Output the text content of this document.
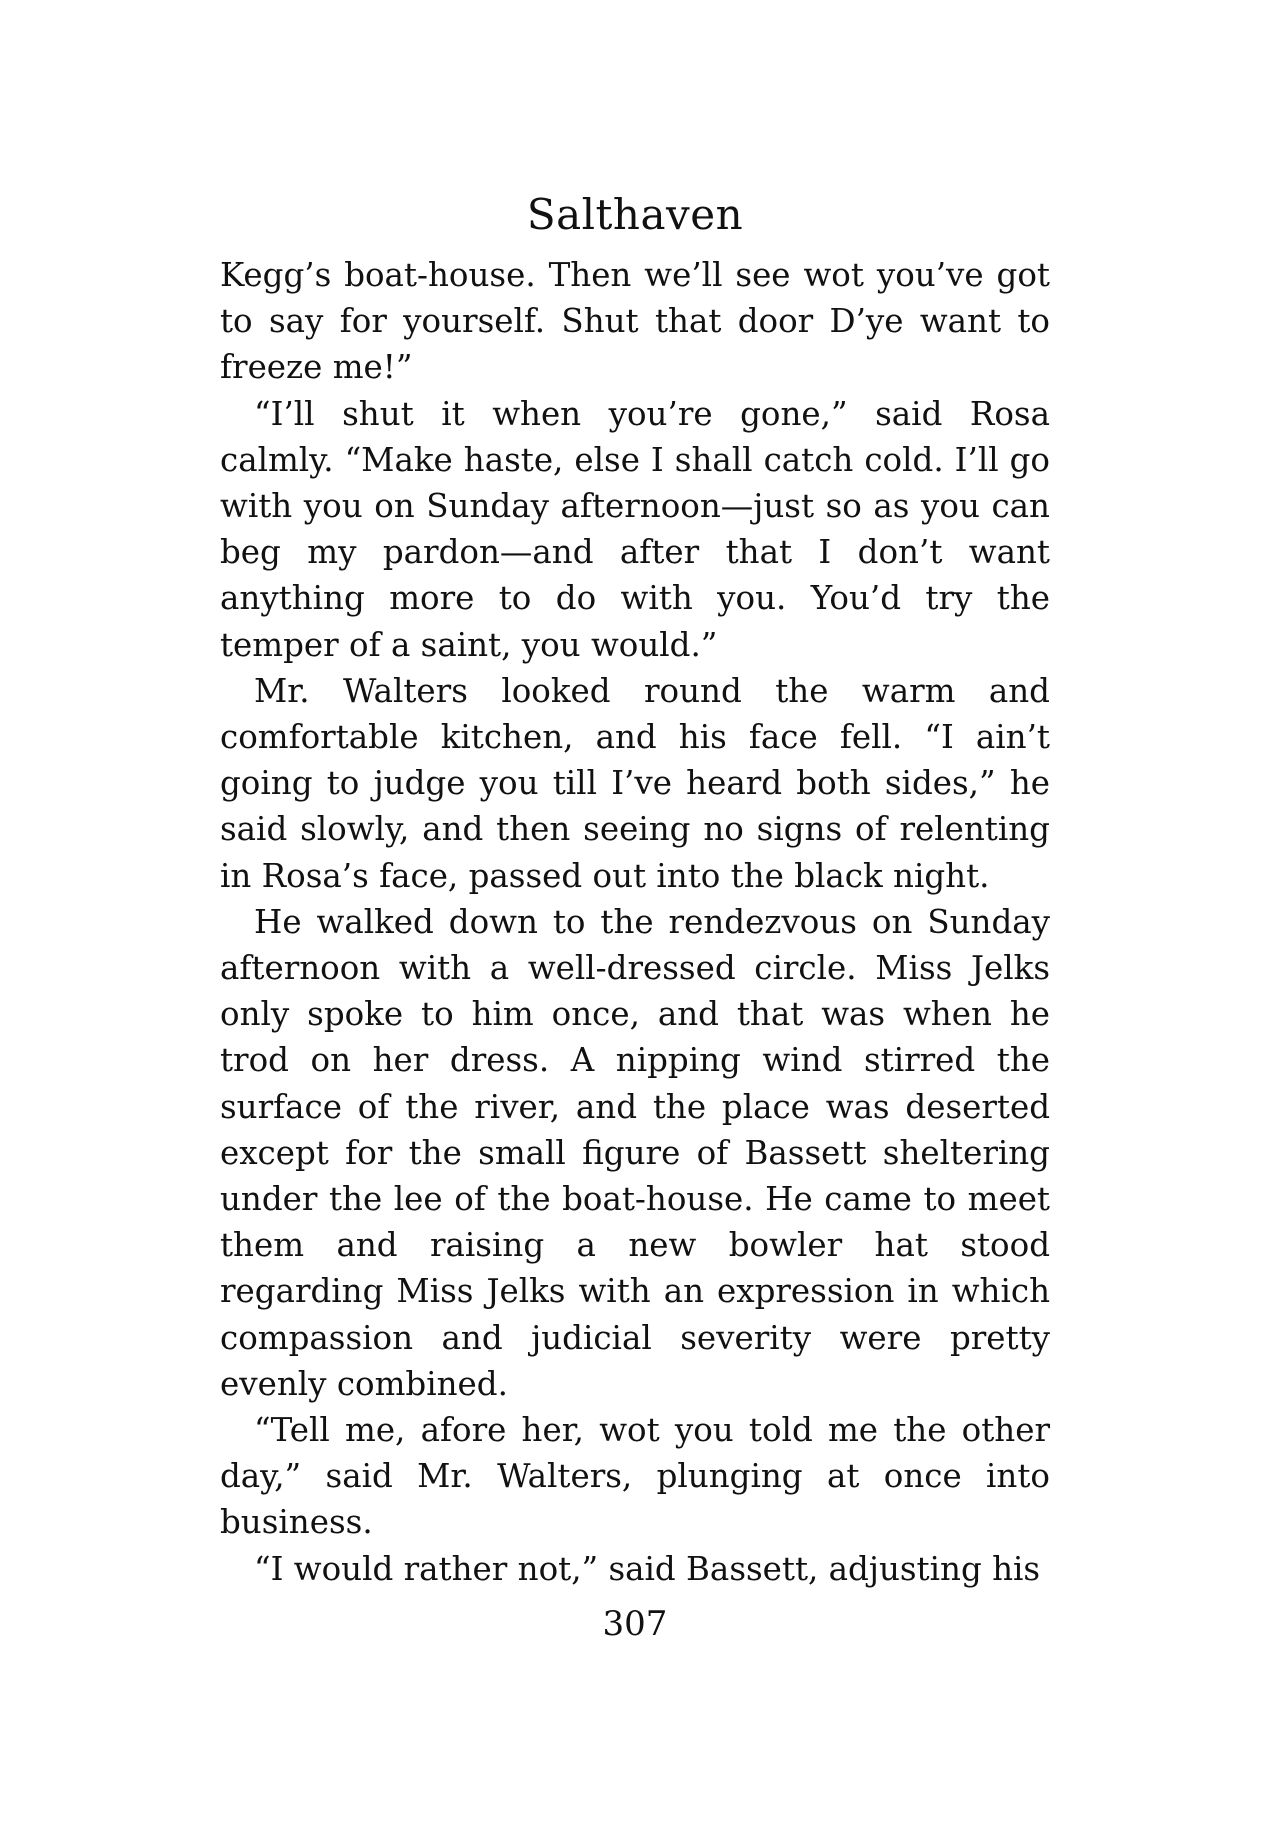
Salthaven

Kegg’s boat-house. Then we’ll see wot you’ve got to say for yourself. Shut that door D’ye want to freeze me!”

“I’ll shut it when you’re gone,” said Rosa calmly. “Make haste, else I shall catch cold. I’ll go with you on Sunday afternoon—just so as you can beg my pardon—and after that I don’t want anything more to do with you. You’d try the temper of a saint, you would.”

Mr. Walters looked round the warm and comfortable kitchen, and his face fell. “I ain’t going to judge you till I’ve heard both sides,” he said slowly, and then seeing no signs of relenting in Rosa’s face, passed out into the black night.

He walked down to the rendezvous on Sunday afternoon with a well-dressed circle. Miss Jelks only spoke to him once, and that was when he trod on her dress. A nipping wind stirred the surface of the river, and the place was deserted except for the small figure of Bassett sheltering under the lee of the boat-house. He came to meet them and raising a new bowler hat stood regarding Miss Jelks with an expression in which compassion and judicial severity were pretty evenly combined.

“Tell me, afore her, wot you told me the other day,” said Mr. Walters, plunging at once into business.

“I would rather not,” said Bassett, adjusting his

307
